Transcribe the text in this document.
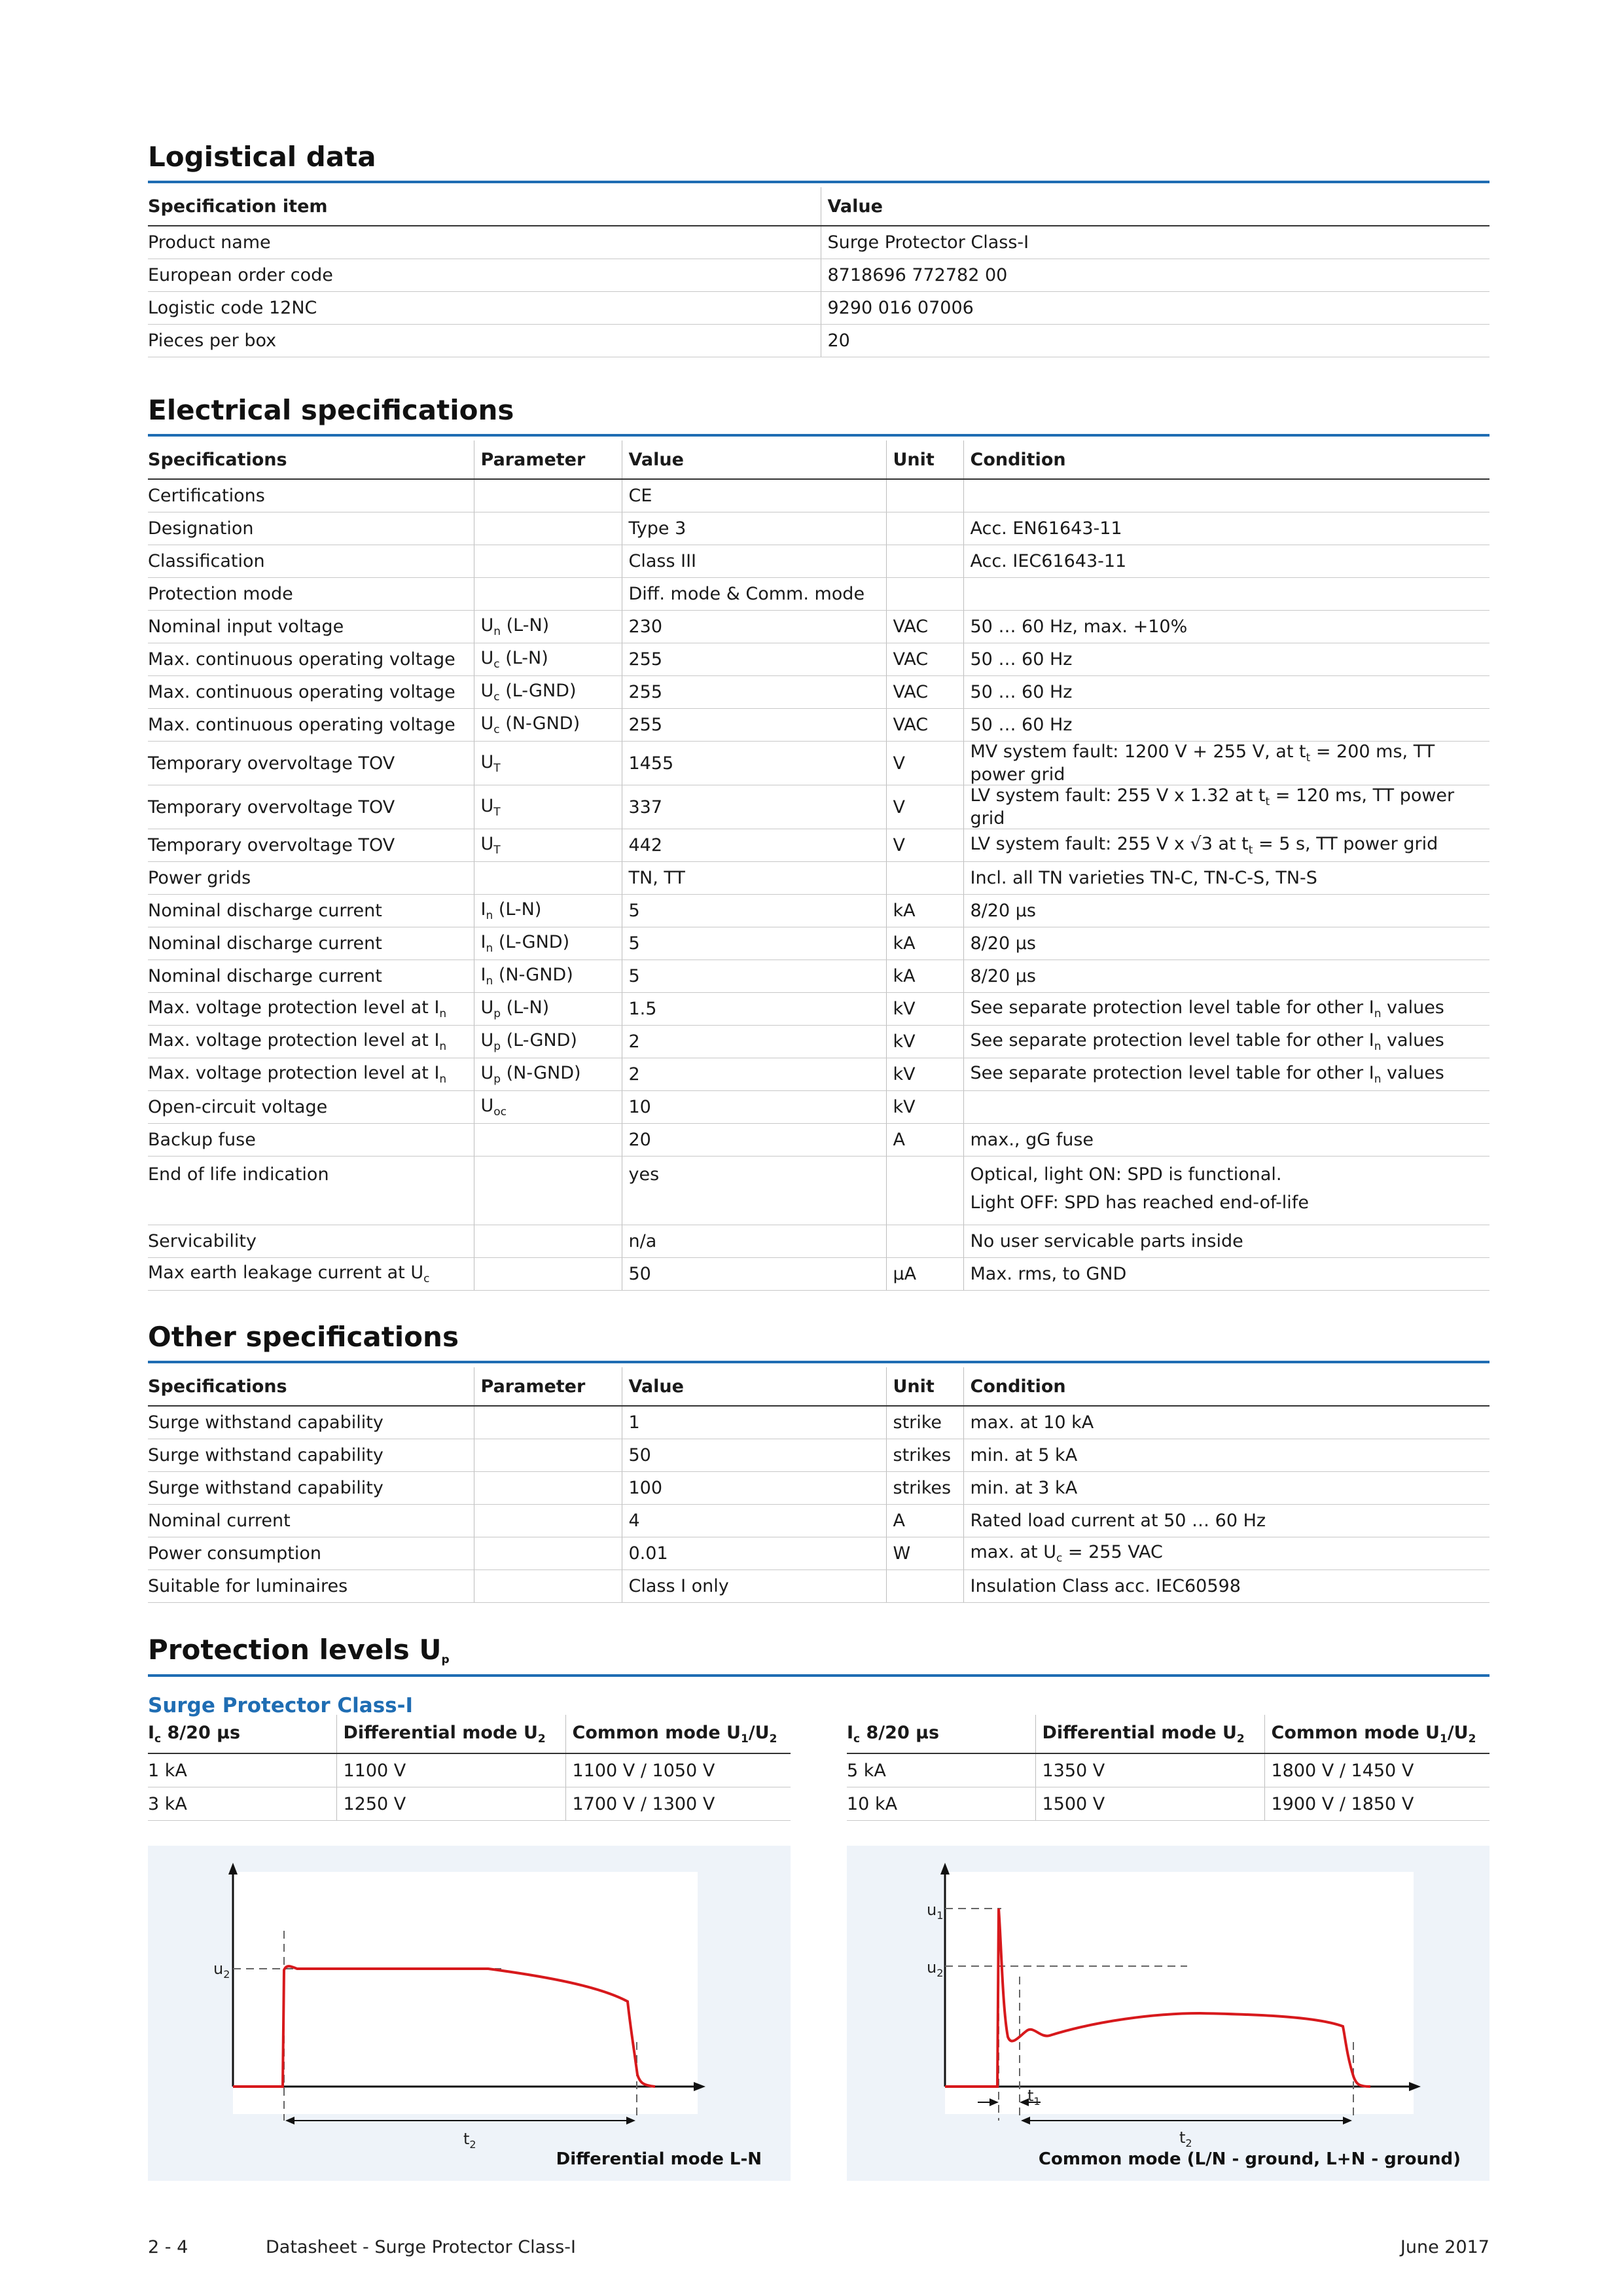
Logistical data
Specification item	Value
Product name	Surge Protector Class-I
European order code	8718696 772782 00
Logistic code 12NC	9290 016 07006
Pieces per box	20
Electrical specifications
Specifications	Parameter	Value	Unit	Condition
Certifications		CE		
Designation		Type 3		Acc. EN61643-11
Classification		Class III		Acc. IEC61643-11
Protection mode		Diff. mode & Comm. mode		
Nominal input voltage	$U_n$ (L-N)	230	VAC	50 … 60 Hz, max. +10%
Max. continuous operating voltage	$U_c$ (L-N)	255	VAC	50 … 60 Hz
Max. continuous operating voltage	$U_c$ (L-GND)	255	VAC	50 … 60 Hz
Max. continuous operating voltage	$U_c$ (N-GND)	255	VAC	50 … 60 Hz
Temporary overvoltage TOV	$U_T$	1455	V	MV system fault: 1200 V + 255 V, at $t_t = 200$ ms, TT power grid
Temporary overvoltage TOV	$U_T$	337	V	LV system fault: 255 V x 1.32 at $t_t = 120$ ms, TT power grid
Temporary overvoltage TOV	$U_T$	442	V	LV system fault: 255 V x √3 at $t_t = 5$ s, TT power grid
Power grids		TN, TT		Incl. all TN varieties TN-C, TN-C-S, TN-S
Nominal discharge current	$I_n$ (L-N)	5	kA	8/20 µs
Nominal discharge current	$I_n$ (L-GND)	5	kA	8/20 µs
Nominal discharge current	$I_n$ (N-GND)	5	kA	8/20 µs
Max. voltage protection level at $I_n$	$U_p$ (L-N)	1.5	kV	See separate protection level table for other $I_n$ values
Max. voltage protection level at $I_n$	$U_p$ (L-GND)	2	kV	See separate protection level table for other $I_n$ values
Max. voltage protection level at $I_n$	$U_p$ (N-GND)	2	kV	See separate protection level table for other $I_n$ values
Open-circuit voltage	$U_{oc}$	10	kV	
Backup fuse		20	A	max., gG fuse
End of life indication		yes		Optical, light ON: SPD is functional.
Light OFF: SPD has reached end-of-life

Servicability		n/a		No user servicable parts inside
Max earth leakage current at $U_c$		50	µA	Max. rms, to GND
Other specifications
Specifications	Parameter	Value	Unit	Condition
Surge withstand capability		1	strike	max. at 10 kA
Surge withstand capability		50	strikes	min. at 5 kA
Surge withstand capability		100	strikes	min. at 3 kA
Nominal current		4	A	Rated load current at 50 … 60 Hz
Power consumption		0.01	W	max. at $U_c = 255$ VAC
Suitable for luminaires		Class I only		Insulation Class acc. IEC60598
Protection levels $U_p$
Surge Protector Class-I
$I_c$ 8/20 µs	Differential mode $U_2$	Common mode $U_1/U_2$
1 kA	1100 V	1100 V / 1050 V
3 kA	1250 V	1700 V / 1300 V
$I_c$ 8/20 µs	Differential mode $U_2$	Common mode $U_1/U_2$
5 kA	1350 V	1800 V / 1450 V
10 kA	1500 V	1900 V / 1850 V
$u_2$
$t_2$
Differential mode L-N
$u_1$
$u_2$
$t_1$
$t_2$
Common mode (L/N - ground, L+N - ground)
2 - 4	Datasheet - Surge Protector Class-I	June 2017
